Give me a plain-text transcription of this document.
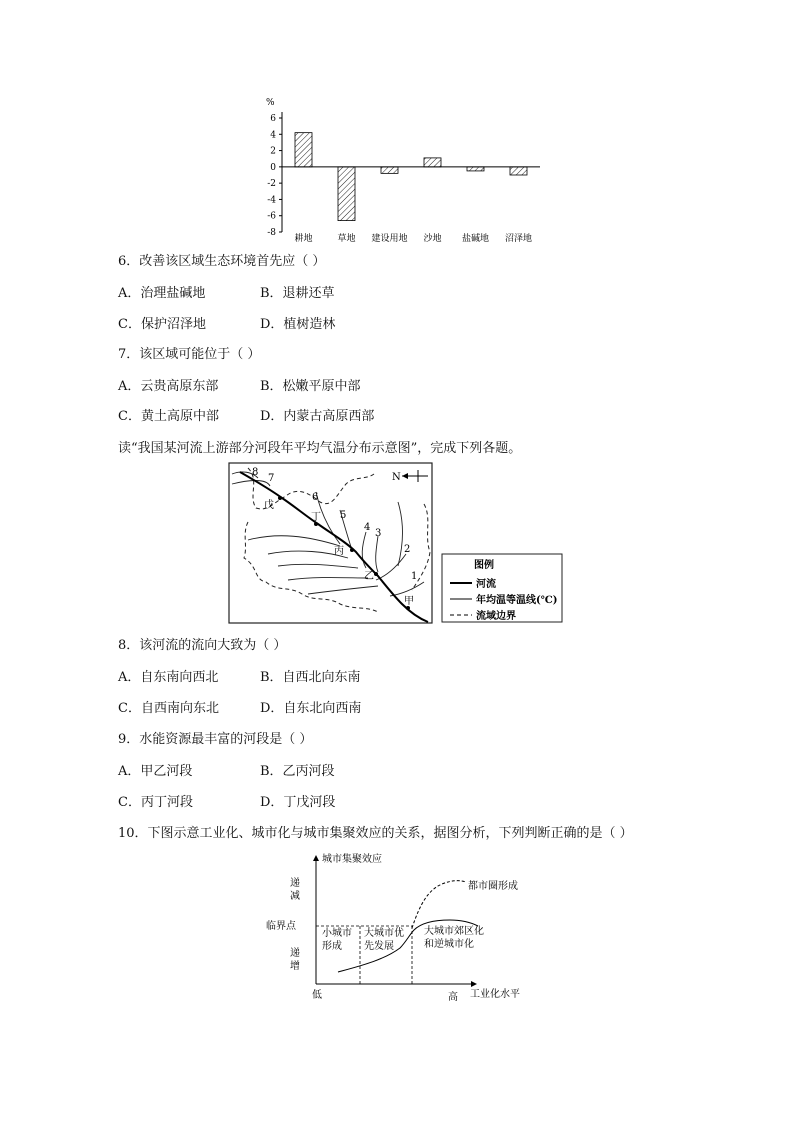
%
6
4
2
0
-2
-4
-6
-8
耕地	草地 建设用地 沙地 盐碱地 沼泽地
6．改善该区域生态环境首先应（ ）
A．治理盐碱地	B．退耕还草
C．保护沼泽地	D．植树造林
7．该区域可能位于（ ）
A．云贵高原东部	B．松嫩平原中部
C．黄土高原中部	D．内蒙古高原西部
读“我国某河流上游部分河段年平均气温分布示意图”，完成下列各题。
戊
丁
丙
乙
甲
8
7
6
5
4
3
2
1
N
图例
河流
年均温等温线(℃)
流域边界
8．该河流的流向大致为（ ）
A．自东南向西北	B．自西北向东南
C．自西南向东北	D．自东北向西南
9．水能资源最丰富的河段是（ ）
A．甲乙河段	B．乙丙河段
C．丙丁河段	D．丁戊河段
10．下图示意工业化、城市化与城市集聚效应的关系，据图分析，下列判断正确的是（ ）
城市集聚效应
工业化水平
低	高
临界点
都市圈形成
小城市
形成
大城市优
先发展
大城市郊区化
和逆城市化
递
减
递
增
